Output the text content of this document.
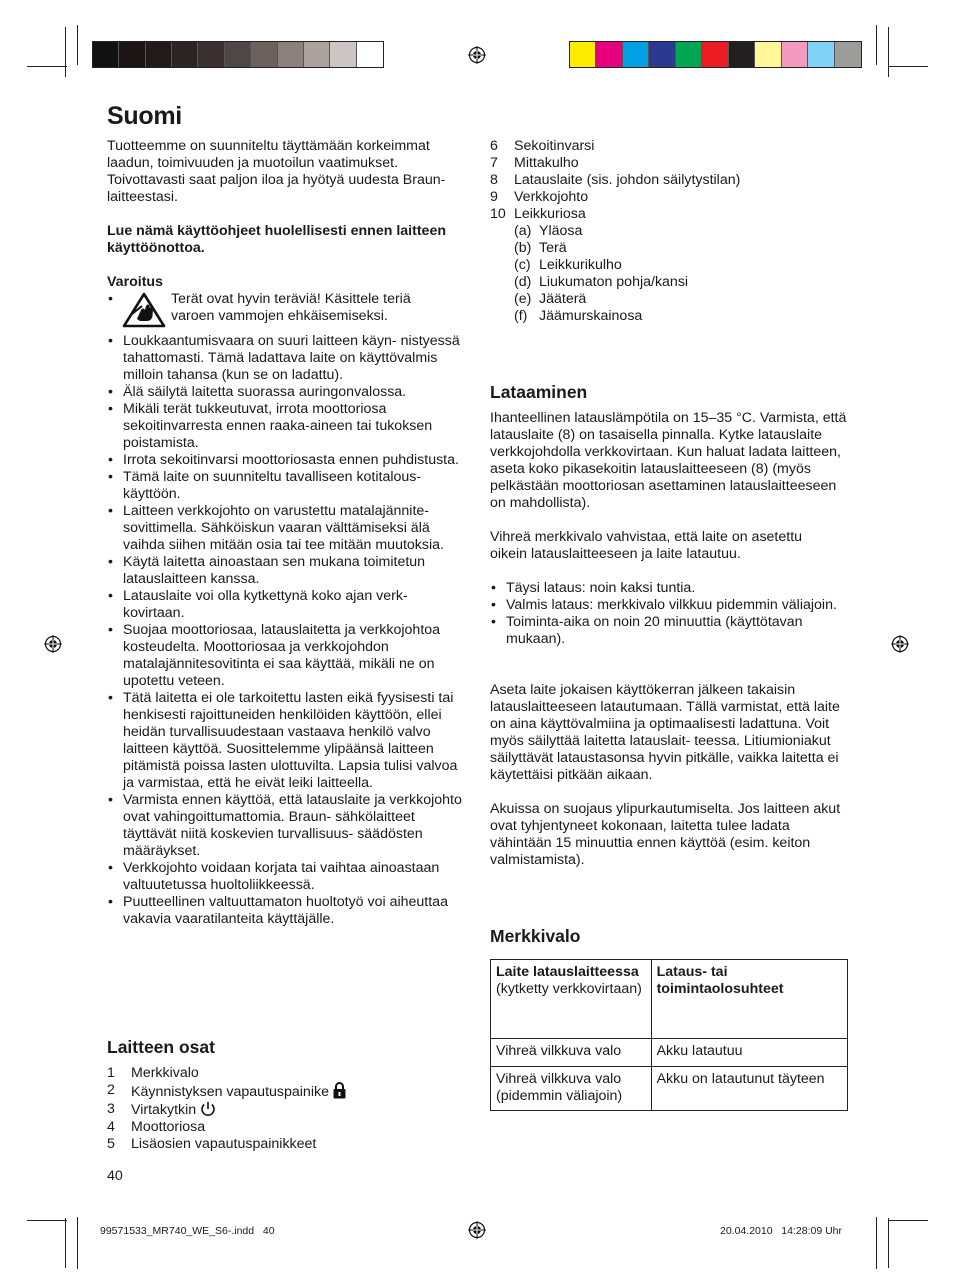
Suomi
Tuotteemme on suunniteltu täyttämään korkeimmat laadun, toimivuuden ja muotoilun vaatimukset. Toivottavasti saat paljon iloa ja hyötyä uudesta Braun-laitteestasi.
Lue nämä käyttöohjeet huolellisesti ennen laitteen käyttöönottoa.
Varoitus
•	Terät ovat hyvin teräviä! Käsittele teriä varoen vammojen ehkäisemiseksi.
• Loukkaantumisvaara on suuri laitteen käyn- nistyessä tahattomasti. Tämä ladattava laite on käyttövalmis milloin tahansa (kun se on ladattu).
• Älä säilytä laitetta suorassa auringonvalossa.
• Mikäli terät tukkeutuvat, irrota moottoriosa sekoitinvarresta ennen raaka-aineen tai tukoksen poistamista.
• Irrota sekoitinvarsi moottoriosasta ennen puhdistusta.
• Tämä laite on suunniteltu tavalliseen kotitalous- käyttöön.
• Laitteen verkkojohto on varustettu matalajännite- sovittimella. Sähköiskun vaaran välttämiseksi älä vaihda siihen mitään osia tai tee mitään muutoksia.
• Käytä laitetta ainoastaan sen mukana toimitetun latauslaitteen kanssa.
• Latauslaite voi olla kytkettynä koko ajan verk- kovirtaan.
• Suojaa moottoriosaa, latauslaitetta ja verkkojohtoa kosteudelta. Moottoriosaa ja verkkojohdon matalajännitesovitinta ei saa käyttää, mikäli ne on upotettu veteen.
• Tätä laitetta ei ole tarkoitettu lasten eikä fyysisesti tai henkisesti rajoittuneiden henkilöiden käyttöön, ellei heidän turvallisuudestaan vastaava henkilö valvo laitteen käyttöä. Suosittelemme ylipäänsä laitteen pitämistä poissa lasten ulottuvilta. Lapsia tulisi valvoa ja varmistaa, että he eivät leiki laitteella.
• Varmista ennen käyttöä, että latauslaite ja verkkojohto ovat vahingoittumattomia. Braun- sähkölaitteet täyttävät niitä koskevien turvallisuus- säädösten määräykset.
• Verkkojohto voidaan korjata tai vaihtaa ainoastaan valtuutetussa huoltoliikkeessä.
• Puutteellinen valtuuttamaton huoltotyö voi aiheuttaa vakavia vaaratilanteita käyttäjälle.
Laitteen osat
1 Merkkivalo
2 Käynnistyksen vapautuspainike
3 Virtakytkin
4 Moottoriosa
5 Lisäosien vapautuspainikkeet
40
6 Sekoitinvarsi
7 Mittakulho
8 Latauslaite (sis. johdon säilytystilan)
9 Verkkojohto
10 Leikkuriosa
(a) Yläosa
(b) Terä
(c) Leikkurikulho
(d) Liukumaton pohja/kansi
(e) Jääterä
(f) Jäämurskainosa
Lataaminen
Ihanteellinen latauslämpötila on 15–35 °C. Varmista, että latauslaite (8) on tasaisella pinnalla. Kytke latauslaite verkkojohdolla verkkovirtaan. Kun haluat ladata laitteen, aseta koko pikasekoitin latauslaitteeseen (8) (myös pelkästään moottoriosan asettaminen latauslaitteeseen on mahdollista).
Vihreä merkkivalo vahvistaa, että laite on asetettu oikein latauslaitteeseen ja laite latautuu.
• Täysi lataus: noin kaksi tuntia.
• Valmis lataus: merkkivalo vilkkuu pidemmin väliajoin.
• Toiminta-aika on noin 20 minuuttia (käyttötavan mukaan).
Aseta laite jokaisen käyttökerran jälkeen takaisin latauslaitteeseen latautumaan. Tällä varmistat, että laite on aina käyttövalmiina ja optimaalisesti ladattuna. Voit myös säilyttää laitetta latauslait- teessa. Litiumioniakut säilyttävät lataustasonsa hyvin pitkälle, vaikka laitetta ei käytettäisi pitkään aikaan.
Akuissa on suojaus ylipurkautumiselta. Jos laitteen akut ovat tyhjentyneet kokonaan, laitetta tulee ladata vähintään 15 minuuttia ennen käyttöä (esim. keiton valmistamista).
Merkkivalo
Laite latauslaitteessa
(kytketty verkkovirtaan)	Lataus- tai toimintaolosuhteet
Vihreä vilkkuva valo	Akku latautuu
Vihreä vilkkuva valo (pidemmin väliajoin)	Akku on latautunut täyteen
99571533_MR740_WE_S6-.indd   40	20.04.2010   14:28:09 Uhr
